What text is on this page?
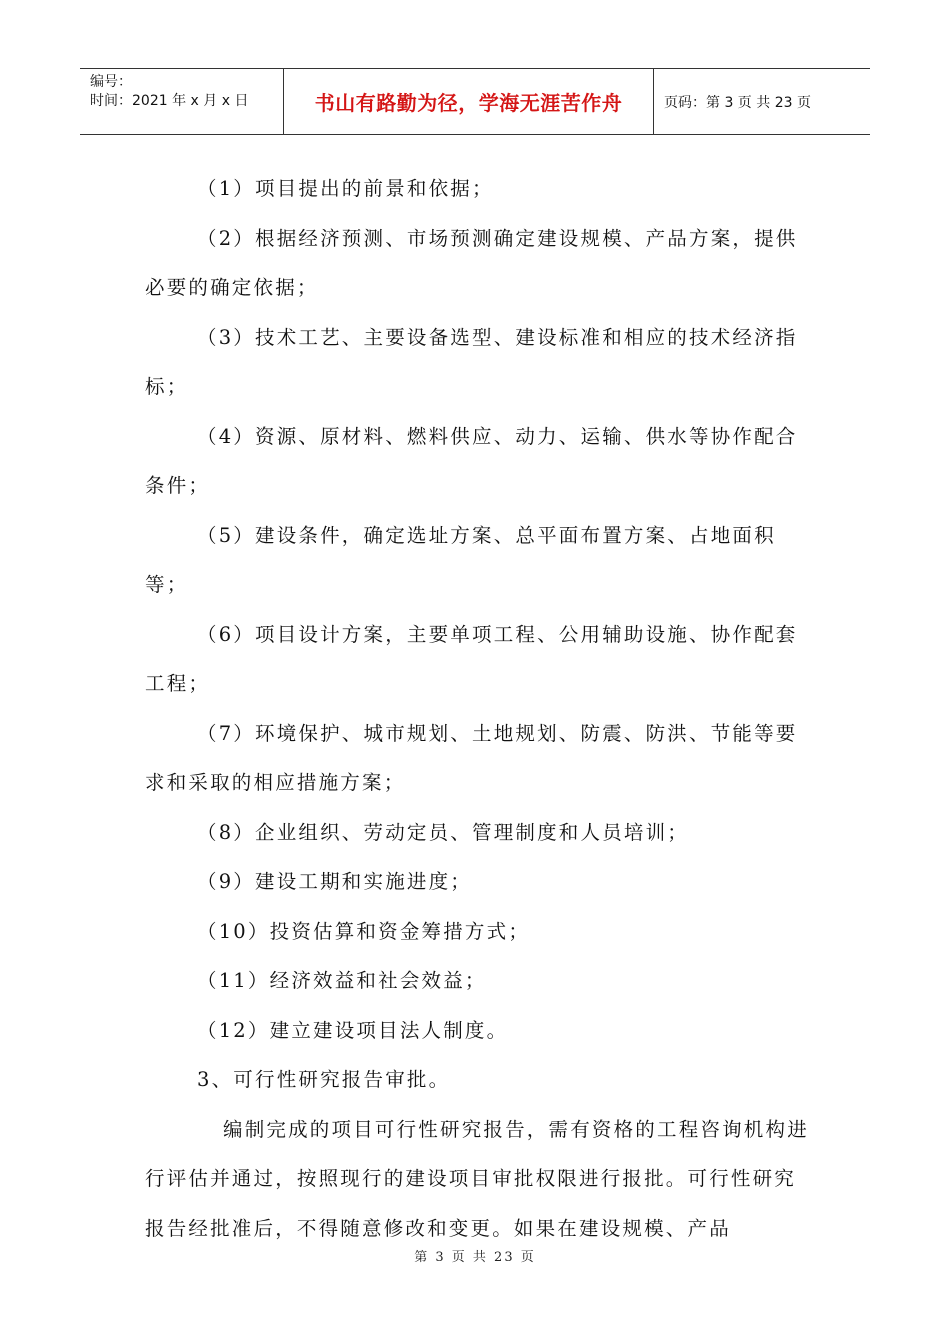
编号：
时间：2021 年 x 月 x 日	书山有路勤为径，学海无涯苦作舟	页码：第 3 页 共 23 页

（1）项目提出的前景和依据；

（2）根据经济预测、市场预测确定建设规模、产品方案，提供必要的确定依据；

（3）技术工艺、主要设备选型、建设标准和相应的技术经济指标；

（4）资源、原材料、燃料供应、动力、运输、供水等协作配合条件；

（5）建设条件，确定选址方案、总平面布置方案、占地面积等；

（6）项目设计方案，主要单项工程、公用辅助设施、协作配套工程；

（7）环境保护、城市规划、土地规划、防震、防洪、节能等要求和采取的相应措施方案；

（8）企业组织、劳动定员、管理制度和人员培训；

（9）建设工期和实施进度；

（10）投资估算和资金筹措方式；

（11）经济效益和社会效益；

（12）建立建设项目法人制度。

3、可行性研究报告审批。

编制完成的项目可行性研究报告，需有资格的工程咨询机构进行评估并通过，按照现行的建设项目审批权限进行报批。可行性研究报告经批准后，不得随意修改和变更。如果在建设规模、产品

第 3 页 共 23 页
